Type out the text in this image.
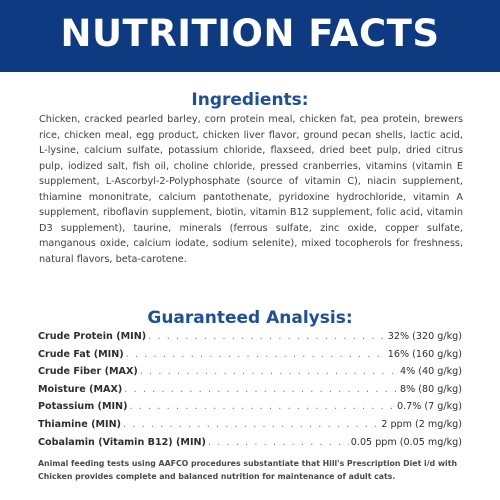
NUTRITION FACTS
Ingredients:
Chicken, cracked pearled barley, corn protein meal, chicken fat, pea protein, brewers rice, chicken meal, egg product, chicken liver flavor, ground pecan shells, lactic acid, L-lysine, calcium sulfate, potassium chloride, flaxseed, dried beet pulp, dried citrus pulp, iodized salt, fish oil, choline chloride, pressed cranberries, vitamins (vitamin E supplement, L-Ascorbyl-2-Polyphosphate (source of vitamin C), niacin supplement, thiamine mononitrate, calcium pantothenate, pyridoxine hydrochloride, vitamin A supplement, riboflavin supplement, biotin, vitamin B12 supplement, folic acid, vitamin D3 supplement), taurine, minerals (ferrous sulfate, zinc oxide, copper sulfate, manganous oxide, calcium iodate, sodium selenite), mixed tocopherols for freshness, natural flavors, beta-carotene.
Guaranteed Analysis:
Crude Protein (MIN) . . .	32% (320 g/kg)
Crude Fat (MIN) . . .	16% (160 g/kg)
Crude Fiber (MAX) . . .	4% (40 g/kg)
Moisture (MAX) . . .	8% (80 g/kg)
Potassium (MIN) . . .	0.7% (7 g/kg)
Thiamine (MIN) . . .	2 ppm (2 mg/kg)
Cobalamin (Vitamin B12) (MIN) . . .	0.05 ppm (0.05 mg/kg)
Animal feeding tests using AAFCO procedures substantiate that Hill's Prescription Diet i/d with Chicken provides complete and balanced nutrition for maintenance of adult cats.
